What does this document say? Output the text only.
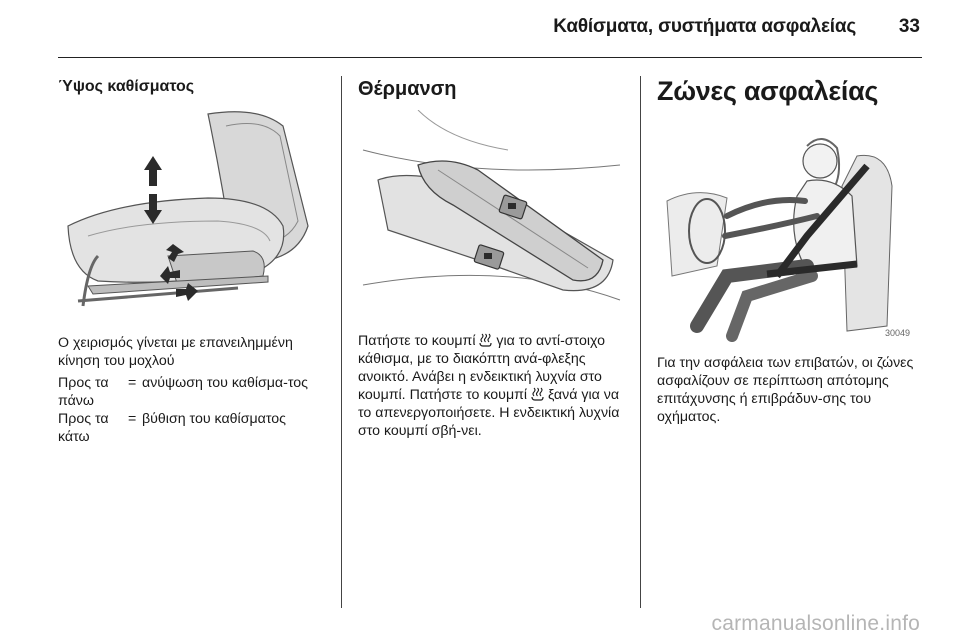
Καθίσματα, συστήματα ασφαλείας 33
Ύψος καθίσματος

Ο χειρισμός γίνεται με επανειλημμένη κίνηση του μοχλού

Προς τα πάνω	=	ανύψωση του καθίσμα-τος
Προς τα κάτω	=	βύθιση του καθίσματος
Θέρμανση

Πατήστε το κουμπί  για το αντί-στοιχο κάθισμα, με το διακόπτη ανά-φλεξης ανοικτό. Ανάβει η ενδεικτική λυχνία στο κουμπί. Πατήστε το κουμπί  ξανά για να το απενεργοποιήσετε. Η ενδεικτική λυχνία στο κουμπί σβή-νει.

Ζώνες ασφαλείας
30049

Για την ασφάλεια των επιβατών, οι ζώνες ασφαλίζουν σε περίπτωση απότομης επιτάχυνσης ή επιβράδυν-σης του οχήματος.

carmanualsonline.info
